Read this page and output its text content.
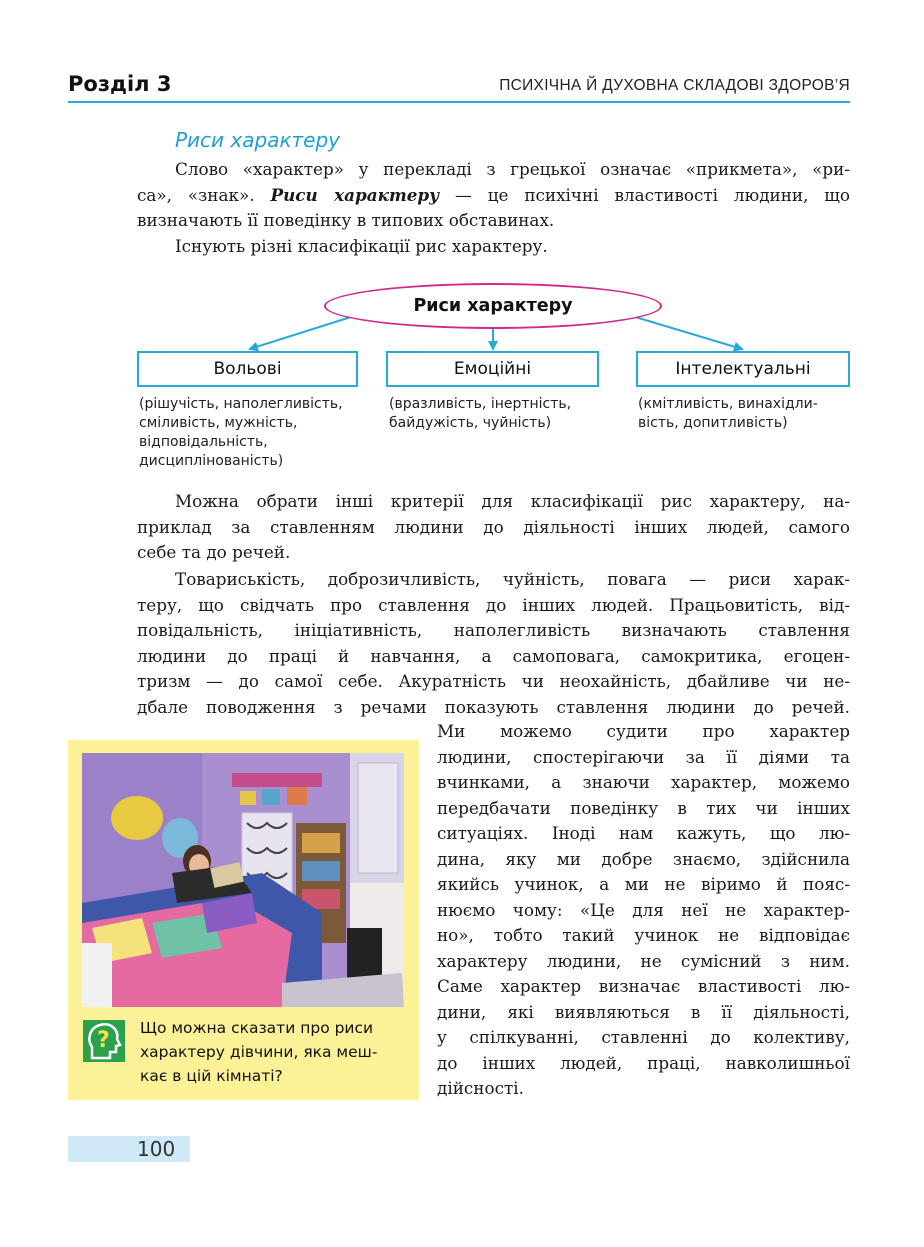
Розділ 3	ПСИХІЧНА Й ДУХОВНА СКЛАДОВІ ЗДОРОВ’Я
Риси характеру
Слово «характер» у перекладі з грецької означає «прикмета», «ри-
са», «знак». Риси характеру — це психічні властивості людини, що
визначають її поведінку в типових обставинах.
Існують різні класифікації рис характеру.
Риси характеру
Вольові	Емоційні	Інтелектуальні
(рішучість, наполегливість,
сміливість, мужність,
відповідальність,
дисциплінованість)
(вразливість, інертність,
байдужість, чуйність)
(кмітливість, винахідли-
вість, допитливість)
Можна обрати інші критерії для класифікації рис характеру, на-
приклад за ставленням людини до діяльності інших людей, самого
себе та до речей.
Товариськість, доброзичливість, чуйність, повага — риси харак-
теру, що свідчать про ставлення до інших людей. Працьовитість, від-
повідальність, ініціативність, наполегливість визначають ставлення
людини до праці й навчання, а самоповага, самокритика, егоцен-
тризм — до самої себе. Акуратність чи неохайність, дбайливе чи не-
дбале поводження з речами показують ставлення людини до речей.
? Що можна сказати про риси
характеру дівчини, яка меш-
кає в цій кімнаті?
Ми можемо судити про характер
людини, спостерігаючи за її діями та
вчинками, а знаючи характер, можемо
передбачати поведінку в тих чи інших
ситуаціях. Іноді нам кажуть, що лю-
дина, яку ми добре знаємо, здійснила
якийсь учинок, а ми не віримо й пояс-
нюємо чому: «Це для неї не характер-
но», тобто такий учинок не відповідає
характеру людини, не сумісний з ним.
Саме характер визначає властивості лю-
дини, які виявляються в її діяльності,
у спілкуванні, ставленні до колективу,
до інших людей, праці, навколишньої
дійсності.
100
